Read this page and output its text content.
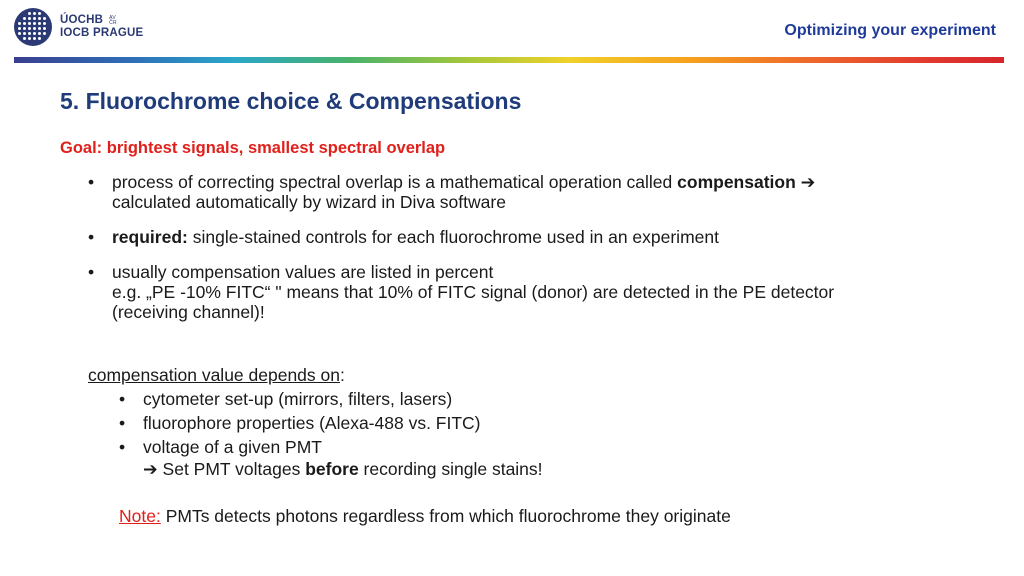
ÚOCHB AV ČR
IOCB PRAGUE	Optimizing your experiment
5. Fluorochrome choice & Compensations
Goal: brightest signals, smallest spectral overlap
• process of correcting spectral overlap is a mathematical operation called compensation ➔
calculated automatically by wizard in Diva software
• required: single-stained controls for each fluorochrome used in an experiment
• usually compensation values are listed in percent
e.g. „PE -10% FITC“ " means that 10% of FITC signal (donor) are detected in the PE detector
(receiving channel)!
compensation value depends on:
• cytometer set-up (mirrors, filters, lasers)
• fluorophore properties (Alexa-488 vs. FITC)
• voltage of a given PMT
➔ Set PMT voltages before recording single stains!
Note: PMTs detects photons regardless from which fluorochrome they originate
